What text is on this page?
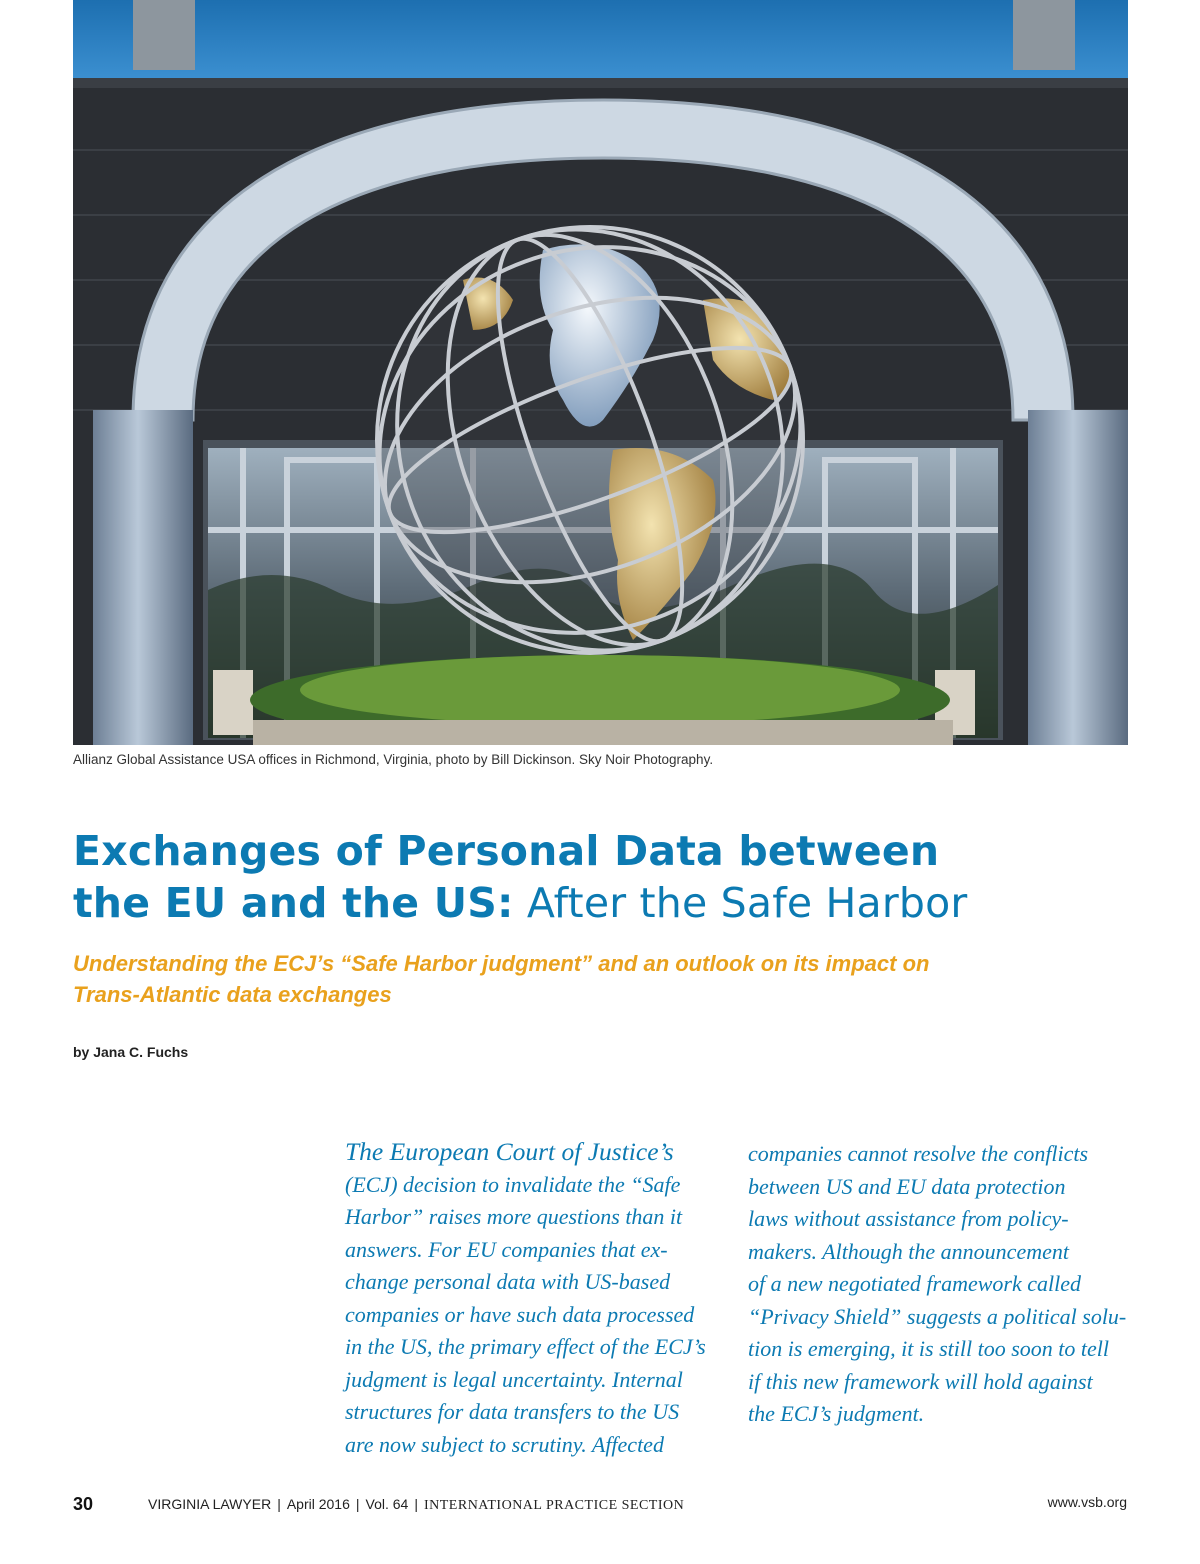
Allianz Global Assistance USA offices in Richmond, Virginia, photo by Bill Dickinson. Sky Noir Photography.
Exchanges of Personal Data between
the EU and the US: After the Safe Harbor

Understanding the ECJ’s “Safe Harbor judgment” and an outlook on its impact on
Trans-Atlantic data exchanges

by Jana C. Fuchs

The European Court of Justice’s
(ECJ) decision to invalidate the “Safe
Harbor” raises more questions than it
answers. For EU companies that ex-
change personal data with US-based
companies or have such data processed
in the US, the primary effect of the ECJ’s
judgment is legal uncertainty. Internal
structures for data transfers to the US
are now subject to scrutiny. Affected

companies cannot resolve the conflicts
between US and EU data protection
laws without assistance from policy-
makers. Although the announcement
of a new negotiated framework called
“Privacy Shield” suggests a political solu-
tion is emerging, it is still too soon to tell
if this new framework will hold against
the ECJ’s judgment.

30	VIRGINIA LAWYER | April 2016 | Vol. 64 | INTERNATIONAL PRACTICE SECTION	www.vsb.org
